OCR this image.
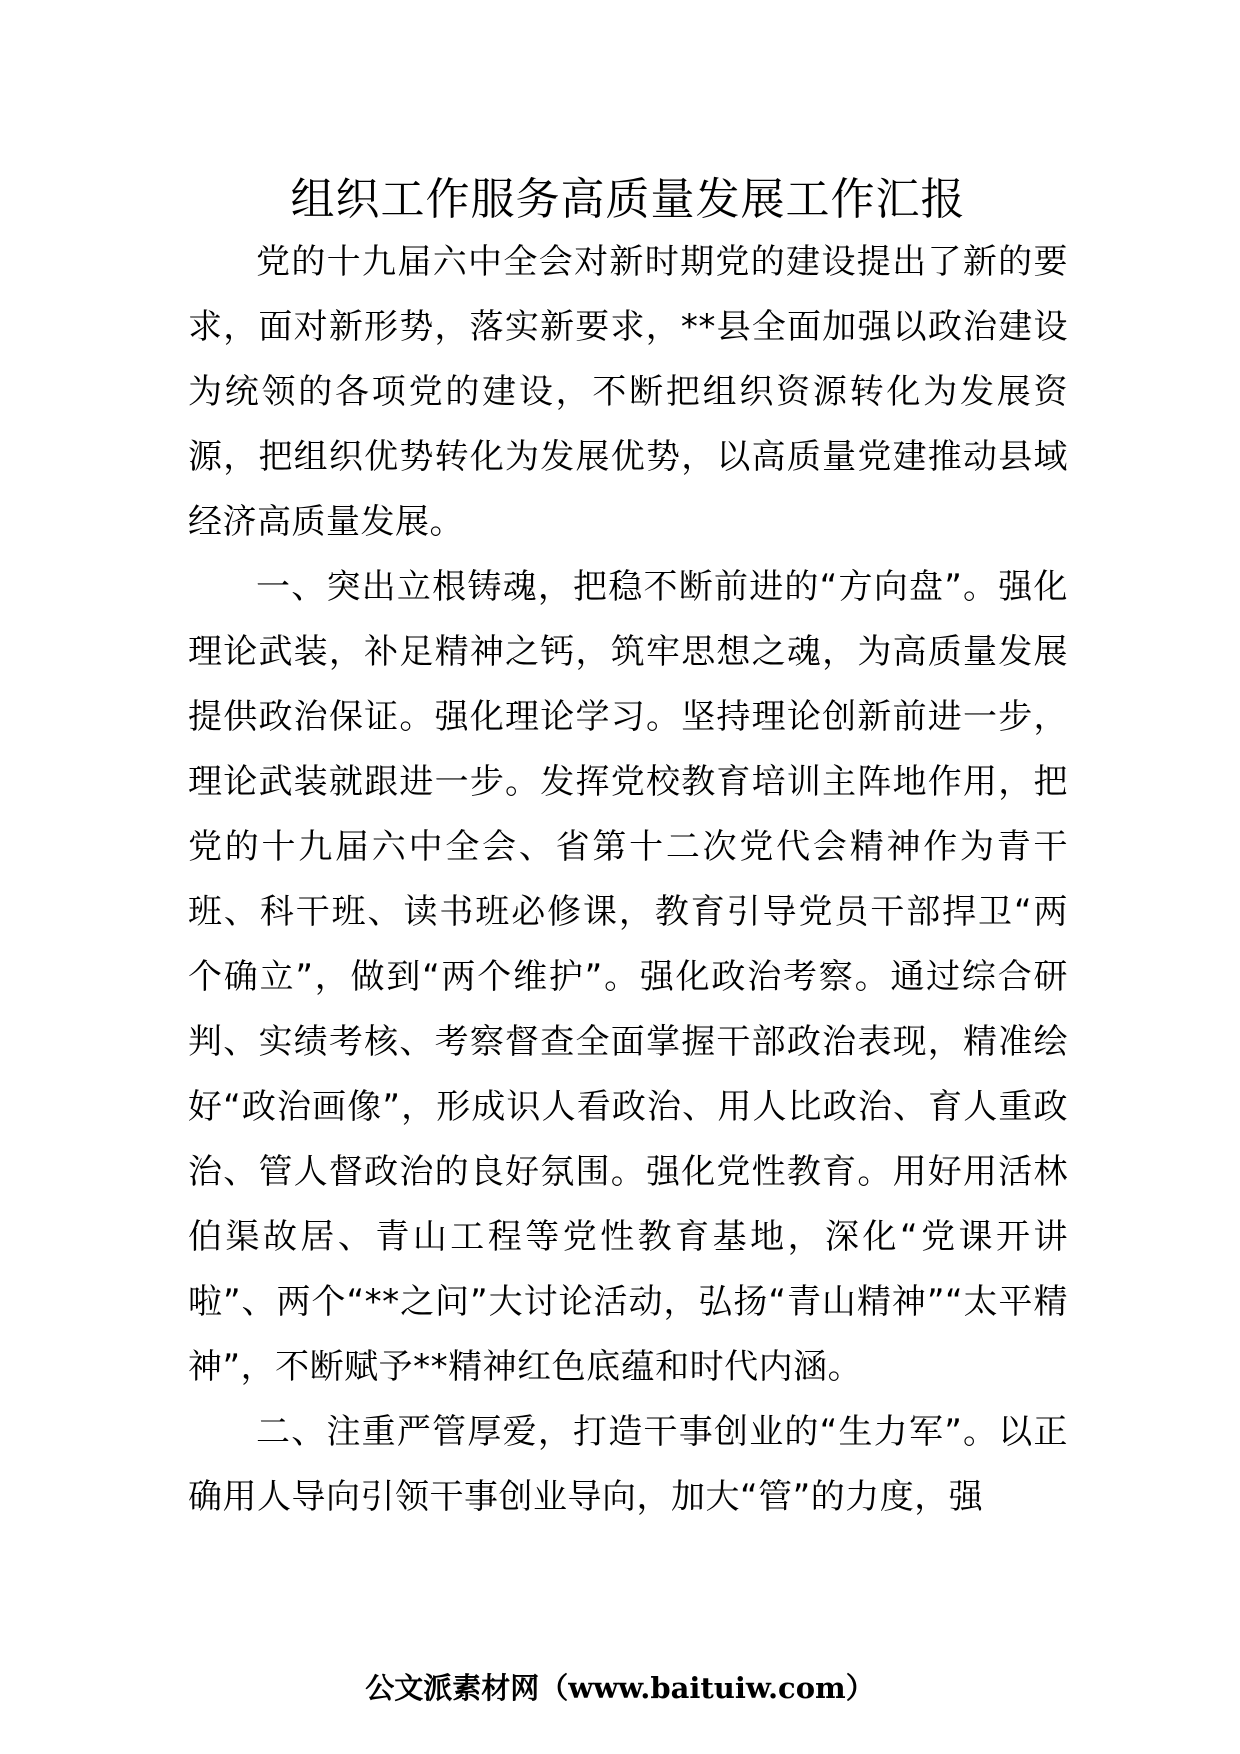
组织工作服务高质量发展工作汇报

党的十九届六中全会对新时期党的建设提出了新的要求，面对新形势，落实新要求，**县全面加强以政治建设为统领的各项党的建设，不断把组织资源转化为发展资源，把组织优势转化为发展优势，以高质量党建推动县域经济高质量发展。

一、突出立根铸魂，把稳不断前进的“方向盘”。强化理论武装，补足精神之钙，筑牢思想之魂，为高质量发展提供政治保证。强化理论学习。坚持理论创新前进一步，理论武装就跟进一步。发挥党校教育培训主阵地作用，把党的十九届六中全会、省第十二次党代会精神作为青干班、科干班、读书班必修课，教育引导党员干部捍卫“两个确立”，做到“两个维护”。强化政治考察。通过综合研判、实绩考核、考察督查全面掌握干部政治表现，精准绘好“政治画像”，形成识人看政治、用人比政治、育人重政治、管人督政治的良好氛围。强化党性教育。用好用活林伯渠故居、青山工程等党性教育基地，深化“党课开讲啦”、两个“**之问”大讨论活动，弘扬“青山精神”“太平精神”，不断赋予**精神红色底蕴和时代内涵。

二、注重严管厚爱，打造干事创业的“生力军”。以正确用人导向引领干事创业导向，加大“管”的力度，强

公文派素材网（www.baituiw.com）
